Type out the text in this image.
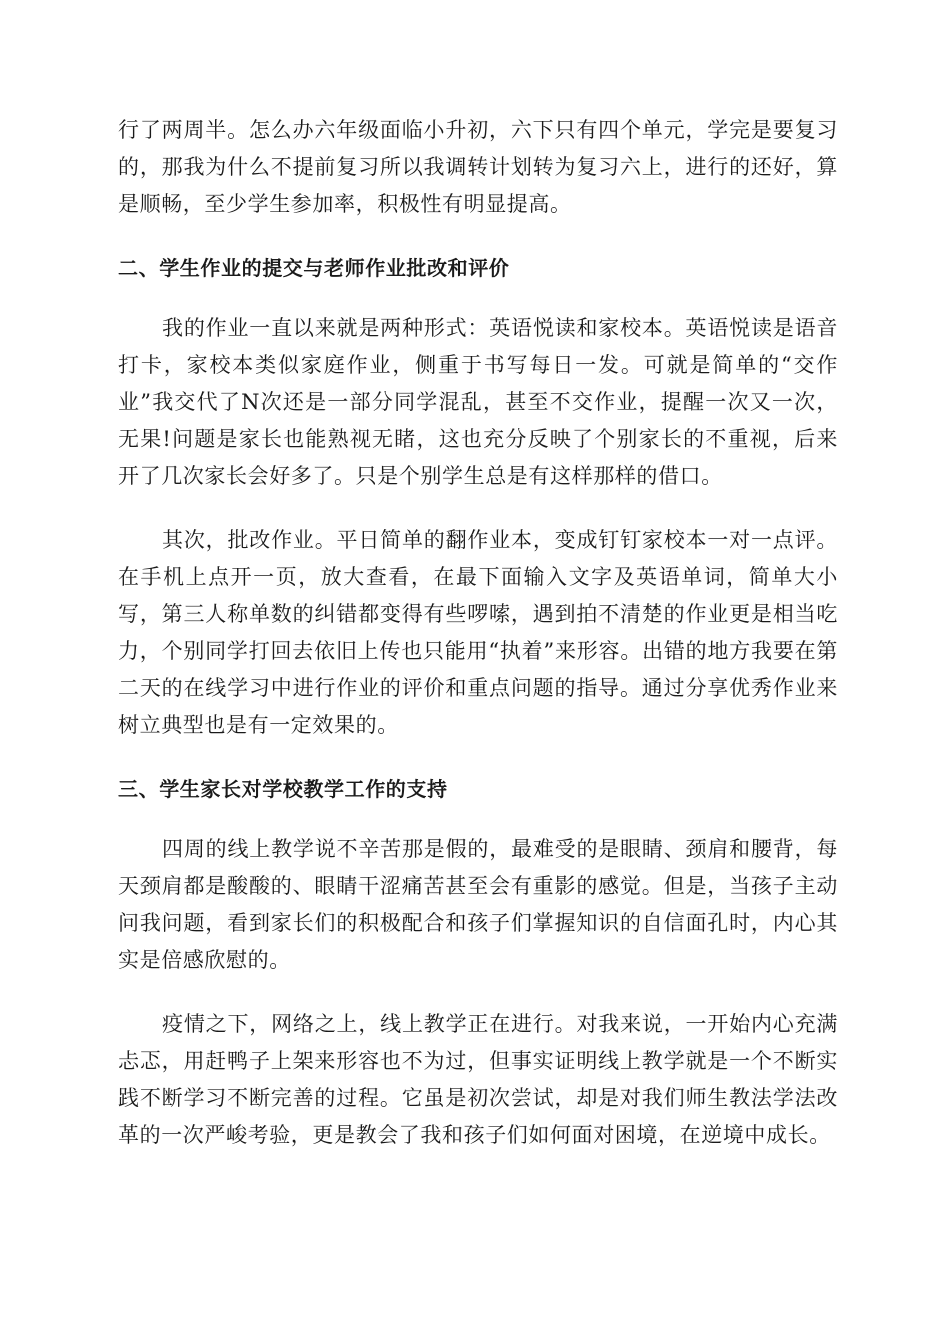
行了两周半。怎么办六年级面临小升初，六下只有四个单元，学完是要复习的，那我为什么不提前复习所以我调转计划转为复习六上，进行的还好，算是顺畅，至少学生参加率，积极性有明显提高。

二、学生作业的提交与老师作业批改和评价

我的作业一直以来就是两种形式：英语悦读和家校本。英语悦读是语音打卡，家校本类似家庭作业，侧重于书写每日一发。可就是简单的“交作业”我交代了N次还是一部分同学混乱，甚至不交作业，提醒一次又一次，无果!问题是家长也能熟视无睹，这也充分反映了个别家长的不重视，后来开了几次家长会好多了。只是个别学生总是有这样那样的借口。

其次，批改作业。平日简单的翻作业本，变成钉钉家校本一对一点评。在手机上点开一页，放大查看，在最下面输入文字及英语单词，简单大小写，第三人称单数的纠错都变得有些啰嗦，遇到拍不清楚的作业更是相当吃力，个别同学打回去依旧上传也只能用“执着”来形容。出错的地方我要在第二天的在线学习中进行作业的评价和重点问题的指导。通过分享优秀作业来树立典型也是有一定效果的。

三、学生家长对学校教学工作的支持

四周的线上教学说不辛苦那是假的，最难受的是眼睛、颈肩和腰背，每天颈肩都是酸酸的、眼睛干涩痛苦甚至会有重影的感觉。但是，当孩子主动问我问题，看到家长们的积极配合和孩子们掌握知识的自信面孔时，内心其实是倍感欣慰的。

疫情之下，网络之上，线上教学正在进行。对我来说，一开始内心充满忐忑，用赶鸭子上架来形容也不为过，但事实证明线上教学就是一个不断实践不断学习不断完善的过程。它虽是初次尝试，却是对我们师生教法学法改革的一次严峻考验，更是教会了我和孩子们如何面对困境，在逆境中成长。
